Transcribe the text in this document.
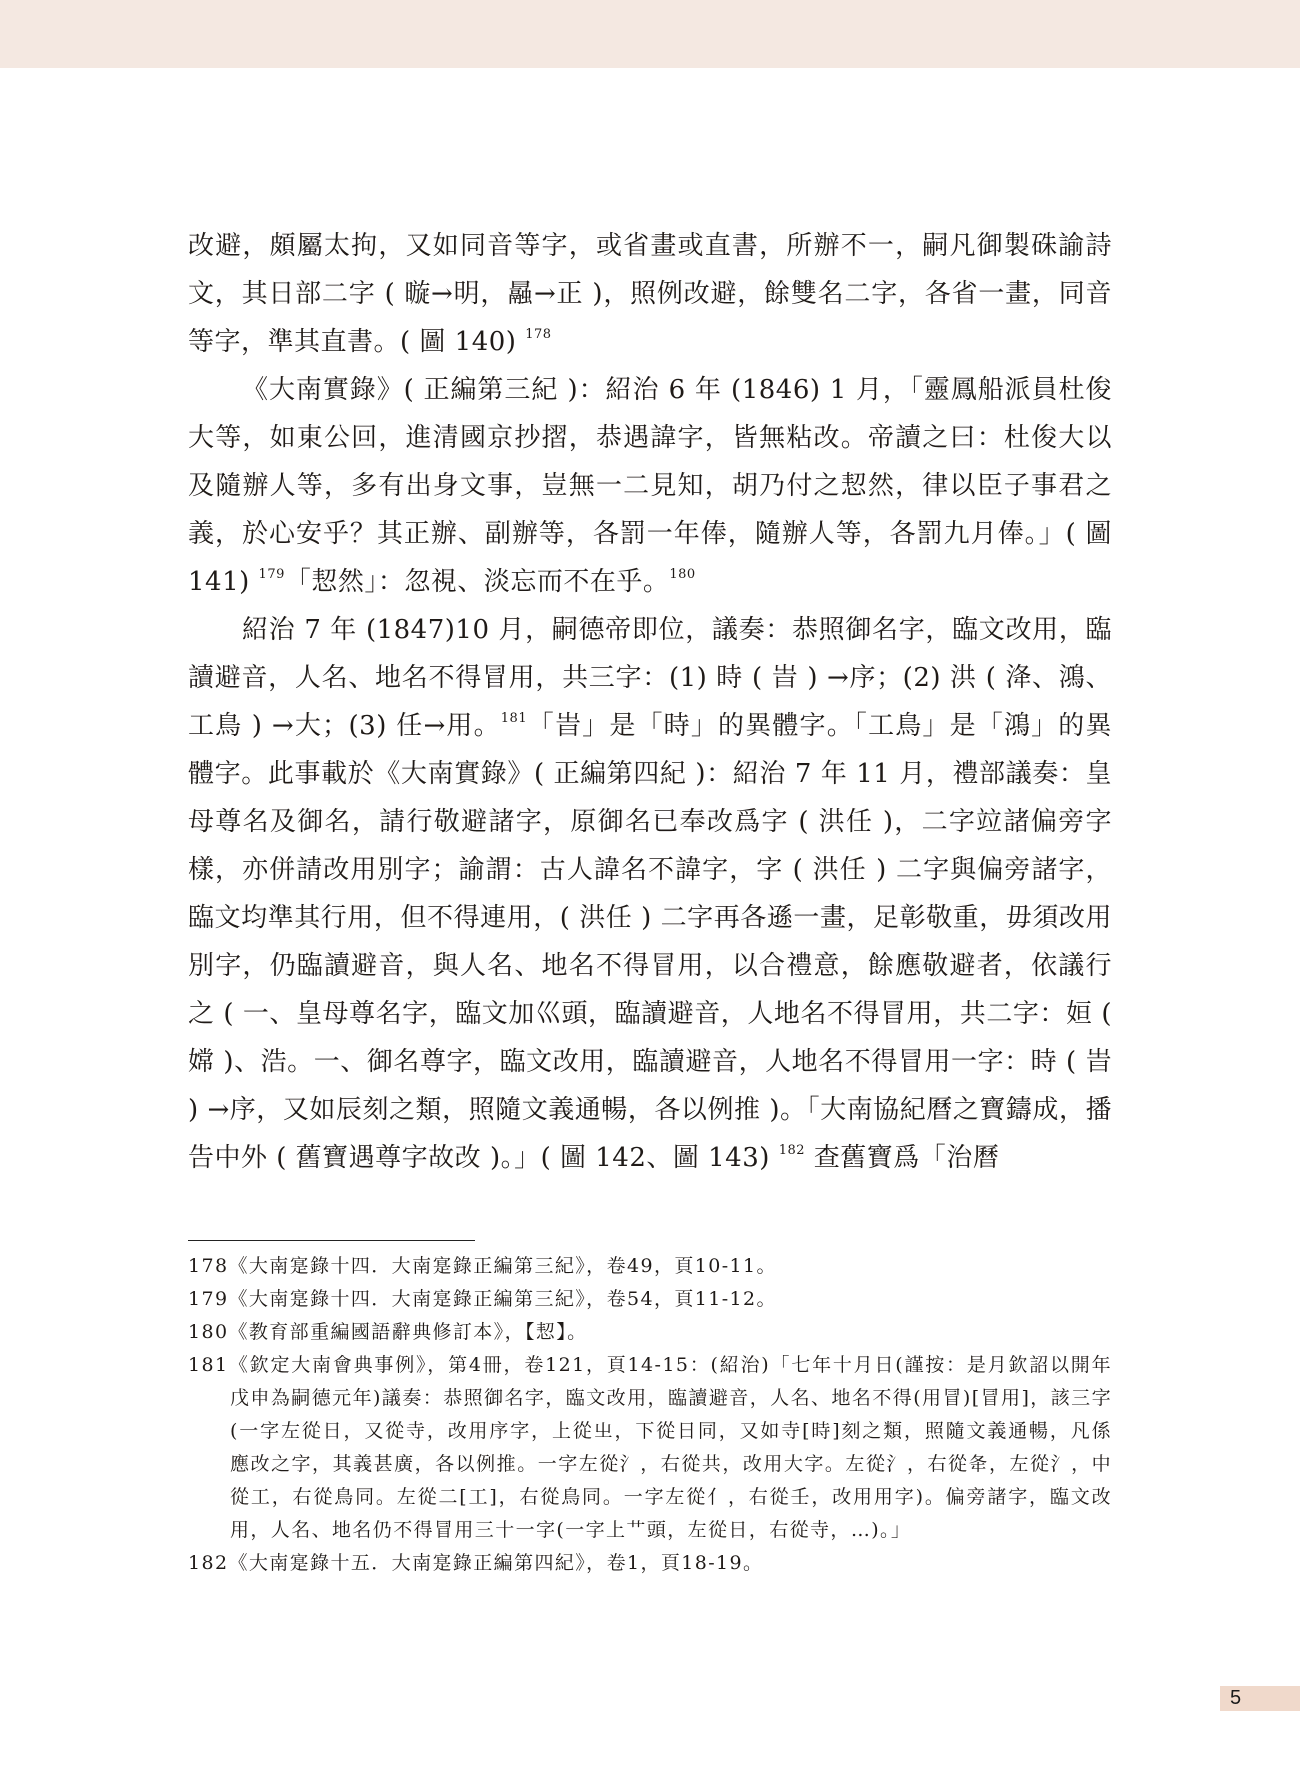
改避，頗屬太拘，又如同音等字，或省畫或直書，所辦不一，嗣凡御製硃諭詩文，其日部二字 ( 暶→明，曧→正 )，照例改避，餘雙名二字，各省一畫，同音等字，準其直書。( 圖 140) $^{178}$

《大南實錄》( 正編第三紀 )：紹治 6 年 (1846) 1 月，「靈鳳船派員杜俊大等，如東公回，進清國京抄摺，恭遇諱字，皆無粘改。帝讀之曰：杜俊大以及隨辦人等，多有出身文事，豈無一二見知，胡乃付之恝然，律以臣子事君之義，於心安乎？其正辦、副辦等，各罰一年俸，隨辦人等，各罰九月俸。」( 圖 141) $^{179}$「恝然」：忽視、淡忘而不在乎。$^{180}$

紹治 7 年 (1847)10 月，嗣德帝即位，議奏：恭照御名字，臨文改用，臨讀避音，人名、地名不得冒用，共三字：(1) 時 ( 旹 ) →序；(2) 洪 ( 洚、鴻、工鳥 ) →大；(3) 任→用。$^{181}$「旹」是「時」的異體字。「工鳥」是「鴻」的異體字。此事載於《大南實錄》( 正編第四紀 )：紹治 7 年 11 月，禮部議奏：皇母尊名及御名，請行敬避諸字，原御名已奉改爲字 ( 洪任 )，二字竝諸偏旁字樣，亦併請改用別字；諭謂：古人諱名不諱字，字 ( 洪任 ) 二字與偏旁諸字，臨文均準其行用，但不得連用，( 洪任 ) 二字再各遜一畫，足彰敬重，毋須改用別字，仍臨讀避音，與人名、地名不得冒用，以合禮意，餘應敬避者，依議行之 ( 一、皇母尊名字，臨文加巛頭，臨讀避音，人地名不得冒用，共二字：姮 ( 嫦 )、浩。一、御名尊字，臨文改用，臨讀避音，人地名不得冒用一字：時 ( 旹 ) →序，又如辰刻之類，照隨文義通暢，各以例推 )。「大南協紀曆之寶鑄成，播告中外 ( 舊寶遇尊字故改 )。」( 圖 142、圖 143) $^{182}$ 查舊寶爲「治曆

178《大南寔錄十四．大南寔錄正編第三紀》，卷49，頁10-11。

179《大南寔錄十四．大南寔錄正編第三紀》，卷54，頁11-12。

180《教育部重編國語辭典修訂本》，【恝】。

181《欽定大南會典事例》，第4冊，卷121，頁14-15：(紹治)「七年十月日(謹按：是月欽詔以開年戊申為嗣德元年)議奏：恭照御名字，臨文改用，臨讀避音，人名、地名不得(用冒)[冒用]，該三字(一字左從日，又從寺，改用序字，上從㞢，下從日同，又如寺[時]刻之類，照隨文義通暢，凡係應改之字，其義甚廣，各以例推。一字左從氵，右從共，改用大字。左從氵，右從夅，左從氵，中從工，右從鳥同。左從二[工]，右從鳥同。一字左從亻，右從壬，改用用字)。偏旁諸字，臨文改用，人名、地名仍不得冒用三十一字(一字上艹頭，左從日，右從寺，…)。」

182《大南寔錄十五．大南寔錄正編第四紀》，卷1，頁18-19。

5
